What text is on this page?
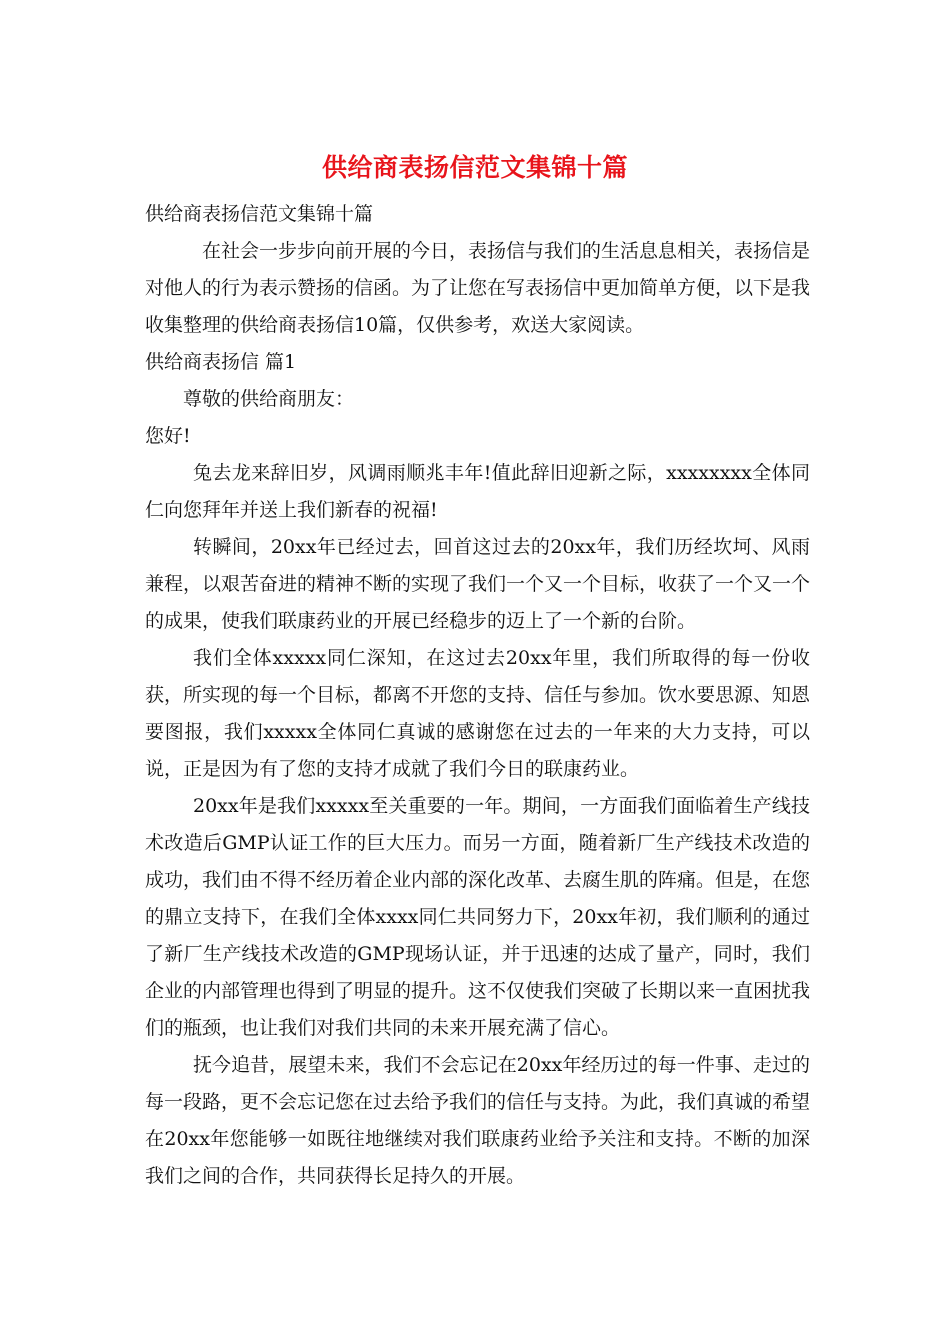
供给商表扬信范文集锦十篇

供给商表扬信范文集锦十篇

在社会一步步向前开展的今日，表扬信与我们的生活息息相关，表扬信是对他人的行为表示赞扬的信函。为了让您在写表扬信中更加简单方便，以下是我收集整理的供给商表扬信10篇，仅供参考，欢送大家阅读。

供给商表扬信 篇1

尊敬的供给商朋友：

您好!

兔去龙来辞旧岁，风调雨顺兆丰年!值此辞旧迎新之际，xxxxxxxx全体同仁向您拜年并送上我们新春的祝福!

转瞬间，20xx年已经过去，回首这过去的20xx年，我们历经坎坷、风雨兼程，以艰苦奋进的精神不断的实现了我们一个又一个目标，收获了一个又一个的成果，使我们联康药业的开展已经稳步的迈上了一个新的台阶。

我们全体xxxxx同仁深知，在这过去20xx年里，我们所取得的每一份收获，所实现的每一个目标，都离不开您的支持、信任与参加。饮水要思源、知恩要图报，我们xxxxx全体同仁真诚的感谢您在过去的一年来的大力支持，可以说，正是因为有了您的支持才成就了我们今日的联康药业。

20xx年是我们xxxxx至关重要的一年。期间，一方面我们面临着生产线技术改造后GMP认证工作的巨大压力。而另一方面，随着新厂生产线技术改造的成功，我们由不得不经历着企业内部的深化改革、去腐生肌的阵痛。但是，在您的鼎立支持下，在我们全体xxxx同仁共同努力下，20xx年初，我们顺利的通过了新厂生产线技术改造的GMP现场认证，并于迅速的达成了量产，同时，我们企业的内部管理也得到了明显的提升。这不仅使我们突破了长期以来一直困扰我们的瓶颈，也让我们对我们共同的未来开展充满了信心。

抚今追昔，展望未来，我们不会忘记在20xx年经历过的每一件事、走过的每一段路，更不会忘记您在过去给予我们的信任与支持。为此，我们真诚的希望在20xx年您能够一如既往地继续对我们联康药业给予关注和支持。不断的加深我们之间的合作，共同获得长足持久的开展。
